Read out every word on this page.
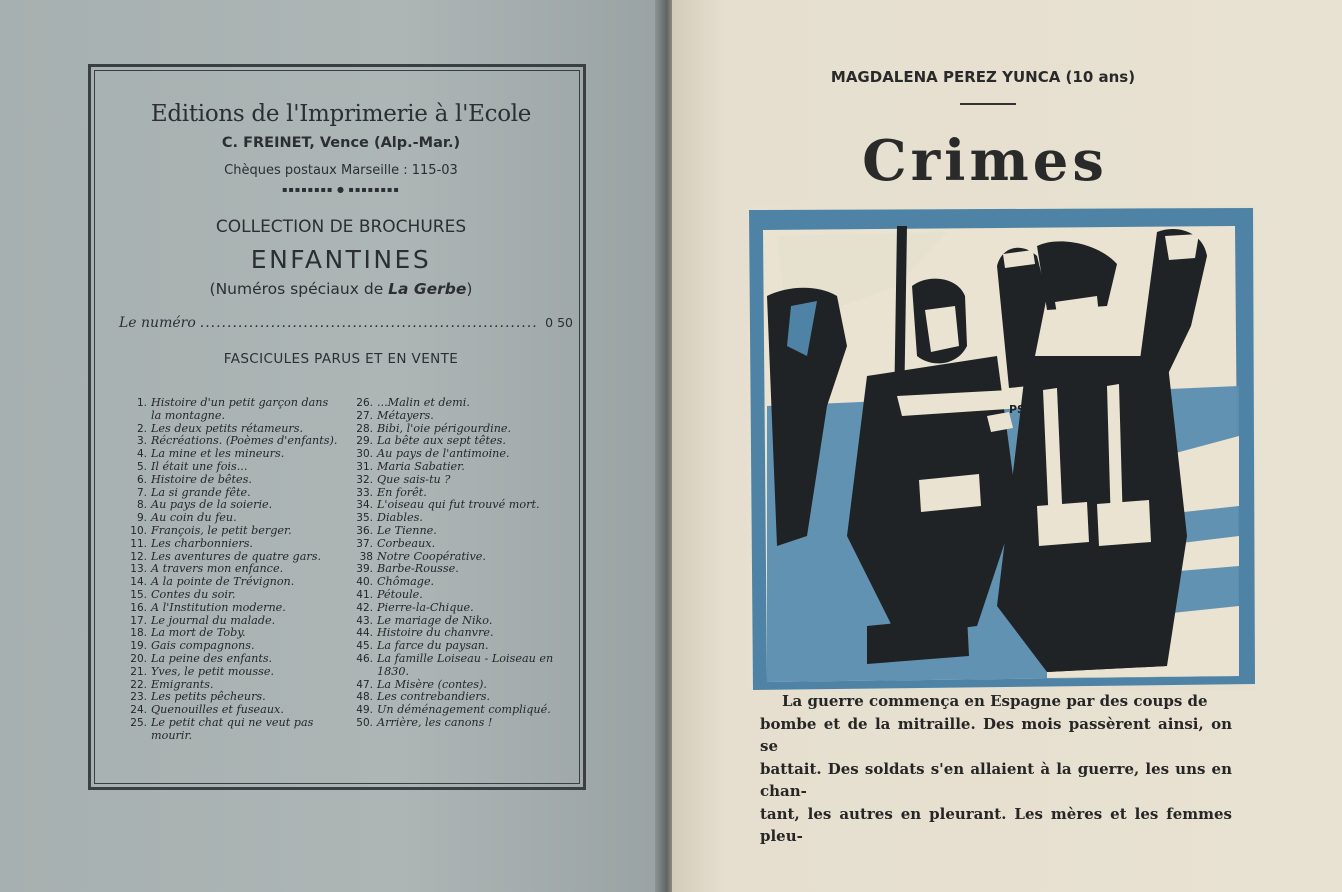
Editions de l'Imprimerie à l'Ecole
C. FREINET, Vence (Alp.-Mar.)
Chèques postaux Marseille : 115-03
▪▪▪▪▪▪▪▪ ● ▪▪▪▪▪▪▪▪
COLLECTION DE BROCHURES
ENFANTINES
(Numéros spéciaux de La Gerbe)
Le numéro .............................................................. 0 50
FASCICULES PARUS ET EN VENTE
1. Histoire d'un petit garçon dans la montagne.
2. Les deux petits rétameurs.
3. Récréations. (Poèmes d'enfants).
4. La mine et les mineurs.
5. Il était une fois...
6. Histoire de bêtes.
7. La si grande fête.
8. Au pays de la soierie.
9. Au coin du feu.
10. François, le petit berger.
11. Les charbonniers.
12. Les aventures de quatre gars.
13. A travers mon enfance.
14. A la pointe de Trévignon.
15. Contes du soir.
16. A l'Institution moderne.
17. Le journal du malade.
18. La mort de Toby.
19. Gais compagnons.
20. La peine des enfants.
21. Yves, le petit mousse.
22. Emigrants.
23. Les petits pêcheurs.
24. Quenouilles et fuseaux.
25. Le petit chat qui ne veut pas mourir.
26. ...Malin et demi.
27. Métayers.
28. Bibi, l'oie périgourdine.
29. La bête aux sept têtes.
30. Au pays de l'antimoine.
31. Maria Sabatier.
32. Que sais-tu ?
33. En forêt.
34. L'oiseau qui fut trouvé mort.
35. Diables.
36. Le Tienne.
37. Corbeaux.
38 Notre Coopérative.
39. Barbe-Rousse.
40. Chômage.
41. Pétoule.
42. Pierre-la-Chique.
43. Le mariage de Niko.
44. Histoire du chanvre.
45. La farce du paysan.
46. La famille Loiseau - Loiseau en 1830.
47. La Misère (contes).
48. Les contrebandiers.
49. Un déménagement compliqué.
50. Arrière, les canons !
MAGDALENA PEREZ YUNCA (10 ans)
Crimes
PSU

La guerre commença en Espagne par des coups de

bombe et de la mitraille. Des mois passèrent ainsi, on se

battait. Des soldats s'en allaient à la guerre, les uns en chan-

tant, les autres en pleurant. Les mères et les femmes pleu-
